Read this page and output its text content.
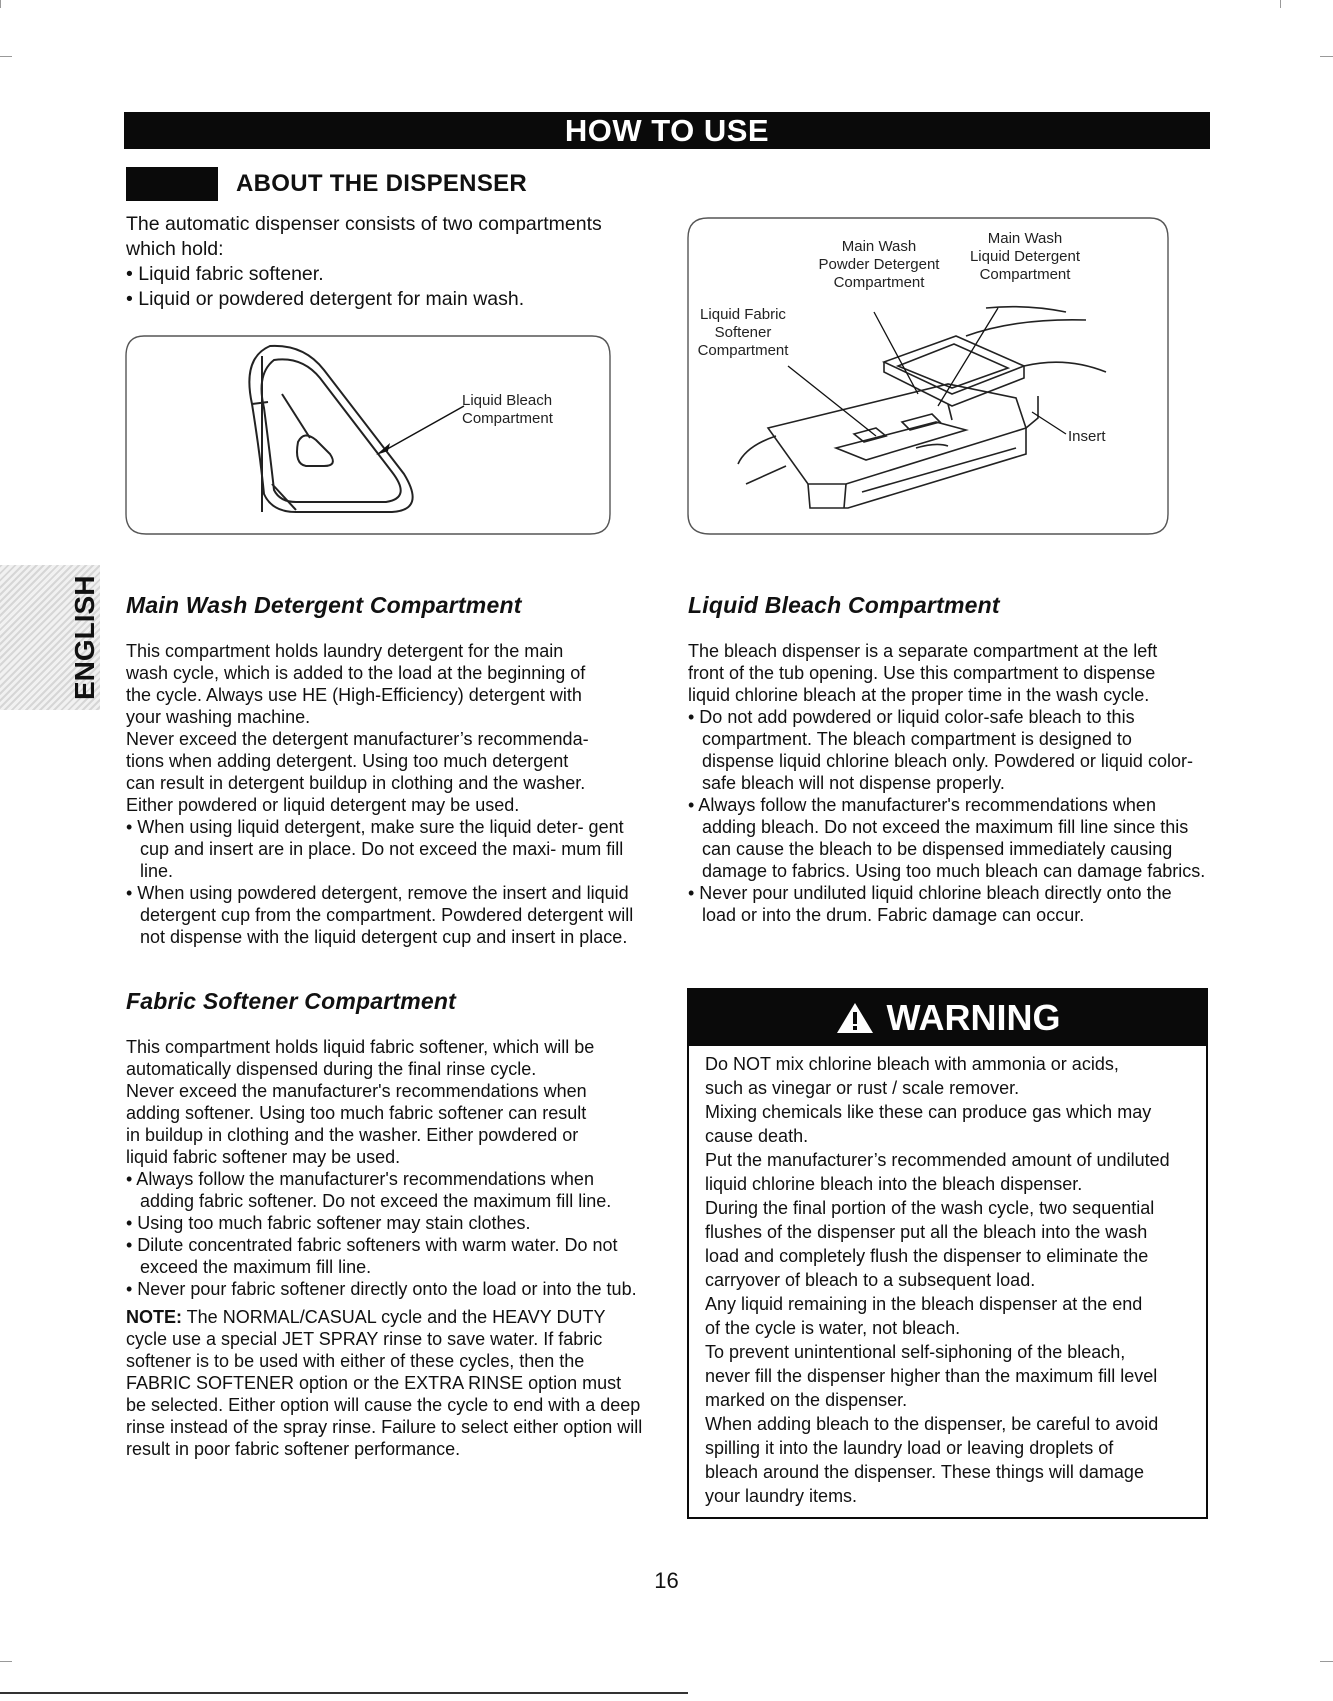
HOW TO USE
ABOUT THE DISPENSER

The automatic dispenser consists of two compartments

which hold:

• Liquid fabric softener.

• Liquid or powdered detergent for main wash.

Liquid Bleach
Compartment
Main Wash
Powder Detergent
Compartment
Main Wash
Liquid Detergent
Compartment
Liquid Fabric
Softener
Compartment
Insert
ENGLISH Main Wash Detergent Compartment

This compartment holds laundry detergent for the main

wash cycle, which is added to the load at the beginning of

the cycle. Always use HE (High-Efficiency) detergent with

your washing machine.

Never exceed the detergent manufacturer’s recommenda-

tions when adding detergent. Using too much detergent

can result in detergent buildup in clothing and the washer.

Either powdered or liquid detergent may be used.

• When using liquid detergent, make sure the liquid deter- gent cup and insert are in place. Do not exceed the maxi- mum fill line.

• When using powdered detergent, remove the insert and liquid detergent cup from the compartment. Powdered detergent will not dispense with the liquid detergent cup and insert in place.

Fabric Softener Compartment

This compartment holds liquid fabric softener, which will be

automatically dispensed during the final rinse cycle.

Never exceed the manufacturer's recommendations when

adding softener. Using too much fabric softener can result

in buildup in clothing and the washer. Either powdered or

liquid fabric softener may be used.

• Always follow the manufacturer's recommendations when adding fabric softener. Do not exceed the maximum fill line.

• Using too much fabric softener may stain clothes.

• Dilute concentrated fabric softeners with warm water. Do not exceed the maximum fill line.

• Never pour fabric softener directly onto the load or into the tub.

NOTE: The NORMAL/CASUAL cycle and the HEAVY DUTY cycle use a special JET SPRAY rinse to save water. If fabric softener is to be used with either of these cycles, then the FABRIC SOFTENER option or the EXTRA RINSE option must be selected. Either option will cause the cycle to end with a deep rinse instead of the spray rinse. Failure to select either option will result in poor fabric softener performance.

Liquid Bleach Compartment

The bleach dispenser is a separate compartment at the left

front of the tub opening. Use this compartment to dispense

liquid chlorine bleach at the proper time in the wash cycle.

• Do not add powdered or liquid color-safe bleach to this compartment. The bleach compartment is designed to dispense liquid chlorine bleach only. Powdered or liquid color-safe bleach will not dispense properly.

• Always follow the manufacturer's recommendations when adding bleach. Do not exceed the maximum fill line since this can cause the bleach to be dispensed immediately causing damage to fabrics. Using too much bleach can damage fabrics.

• Never pour undiluted liquid chlorine bleach directly onto the load or into the drum. Fabric damage can occur.

WARNING

Do NOT mix chlorine bleach with ammonia or acids,

such as vinegar or rust / scale remover.

Mixing chemicals like these can produce gas which may

cause death.

Put the manufacturer’s recommended amount of undiluted

liquid chlorine bleach into the bleach dispenser.

During the final portion of the wash cycle, two sequential

flushes of the dispenser put all the bleach into the wash

load and completely flush the dispenser to eliminate the

carryover of bleach to a subsequent load.

Any liquid remaining in the bleach dispenser at the end

of the cycle is water, not bleach.

To prevent unintentional self-siphoning of the bleach,

never fill the dispenser higher than the maximum fill level

marked on the dispenser.

When adding bleach to the dispenser, be careful to avoid

spilling it into the laundry load or leaving droplets of

bleach around the dispenser. These things will damage

your laundry items.

16
